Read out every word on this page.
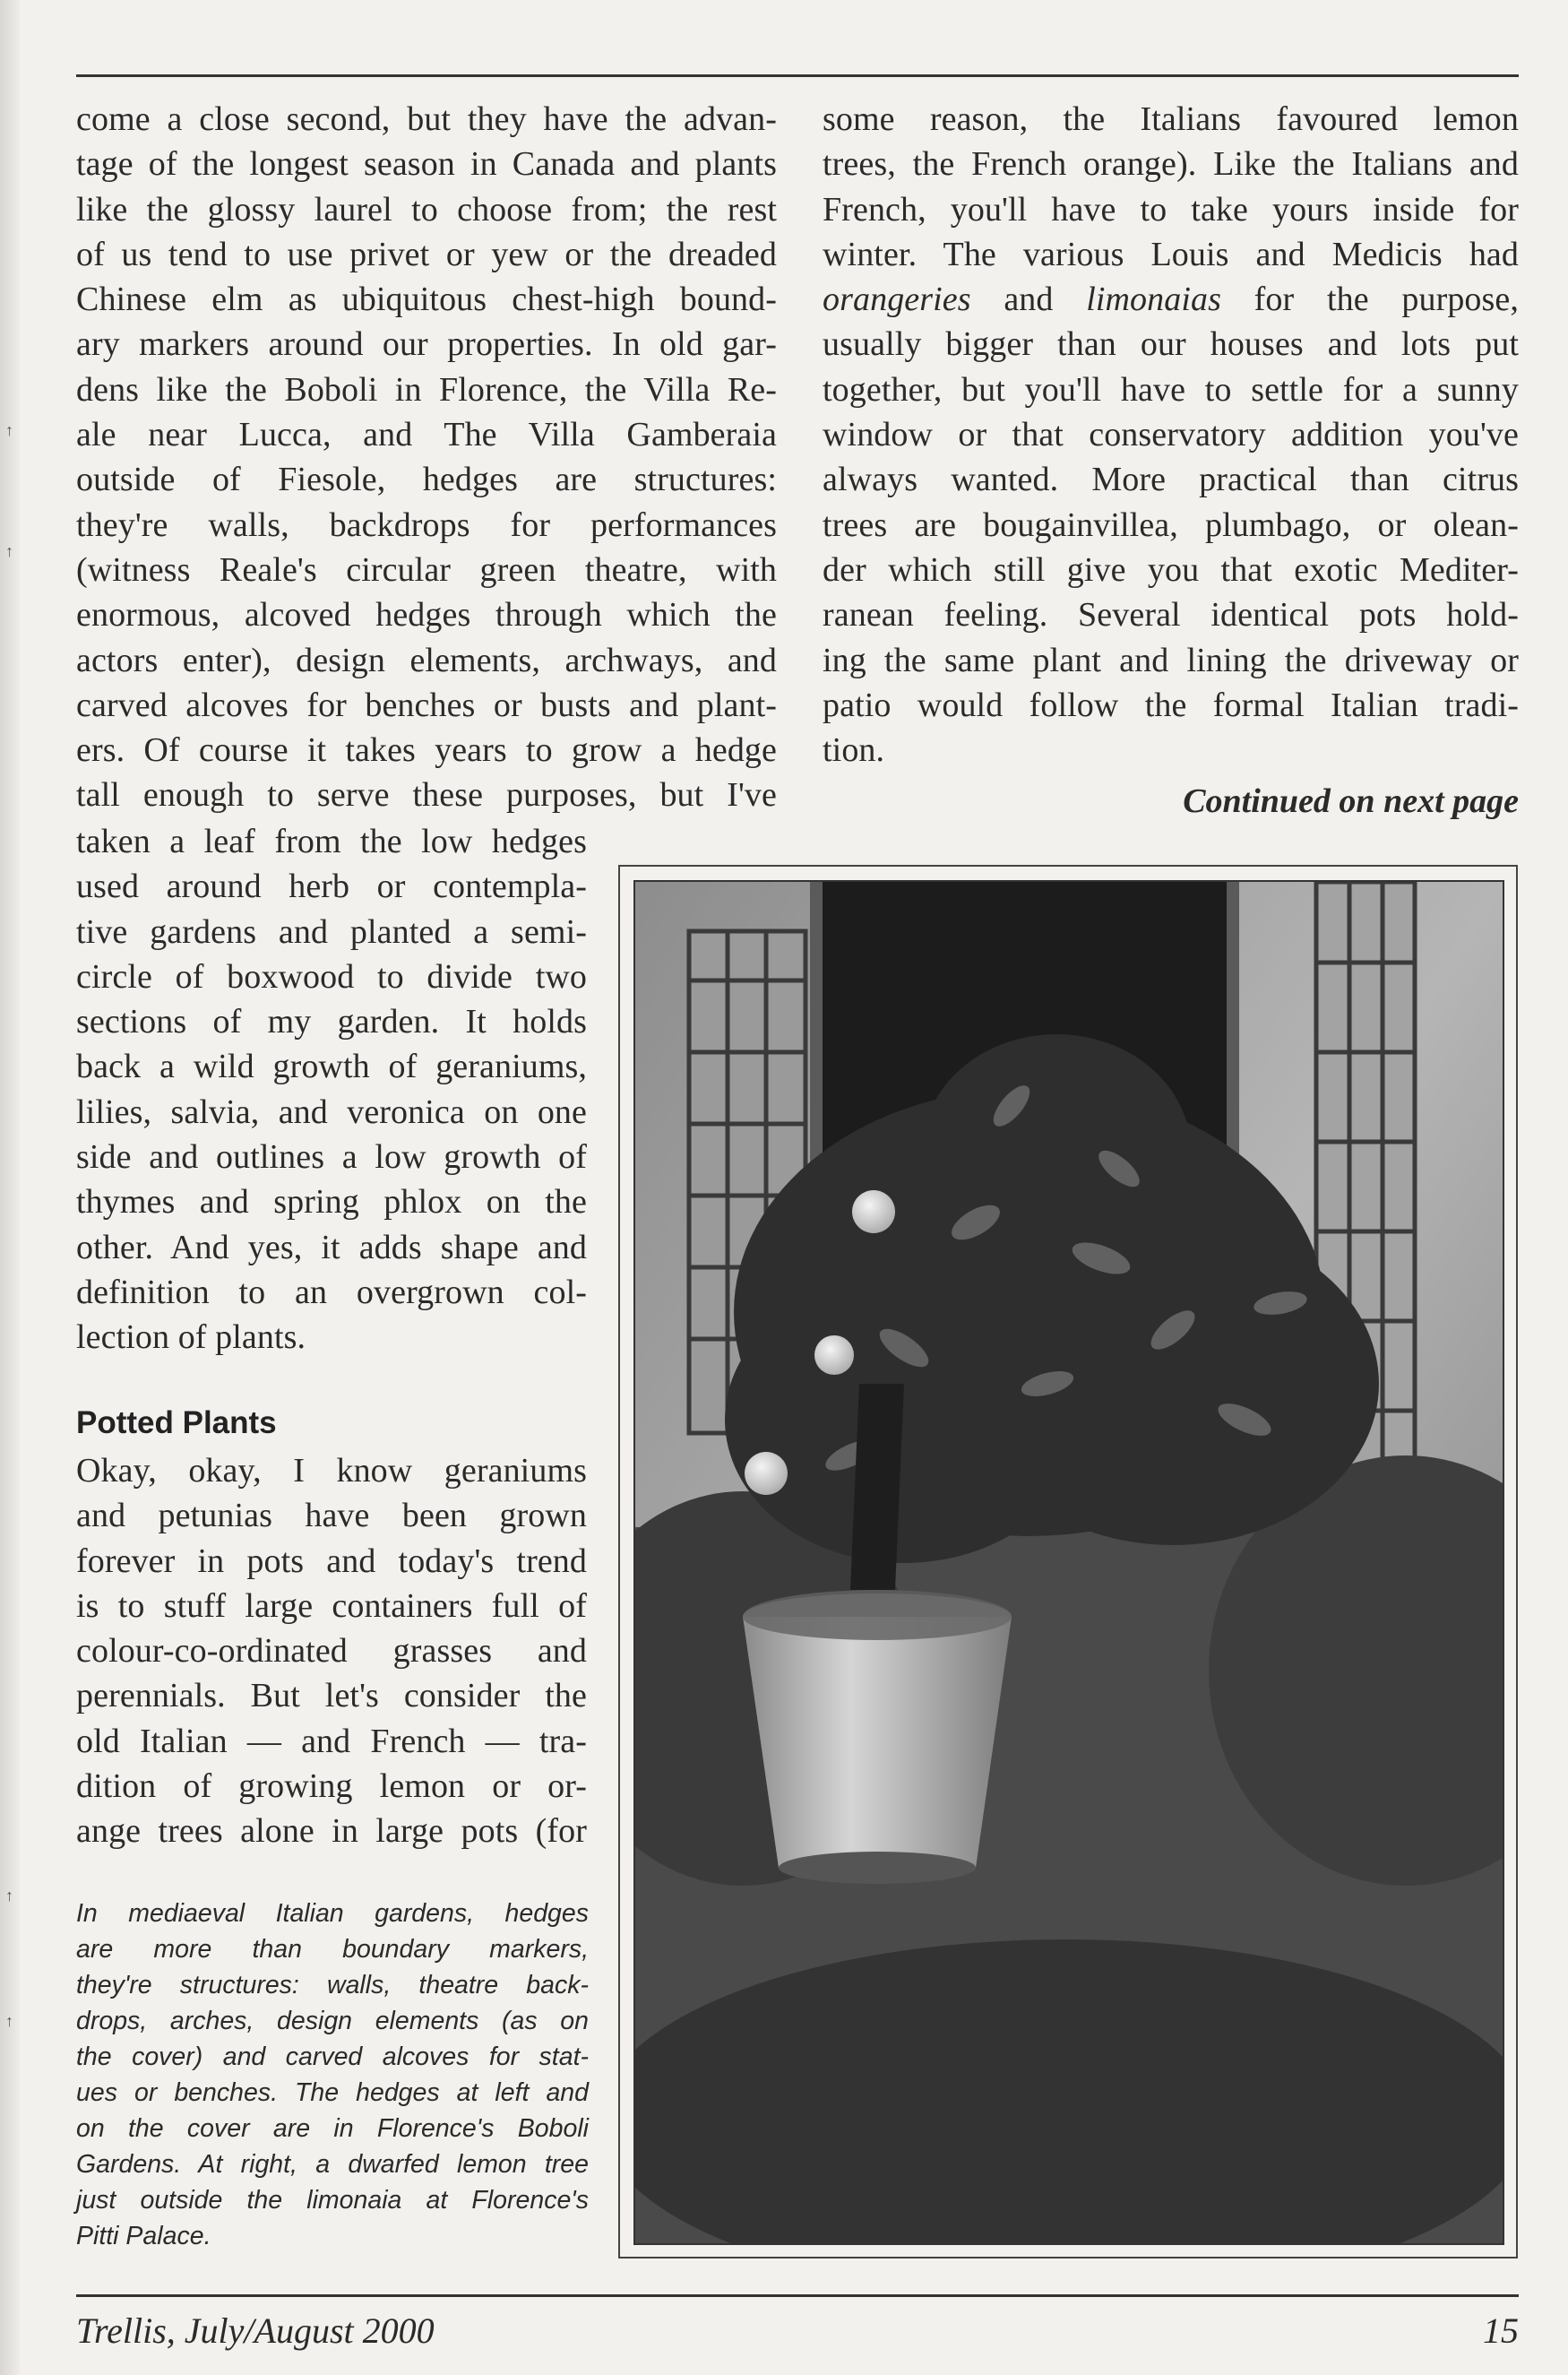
↑
↑
↑
↑
come a close second, but they have the advan-
tage of the longest season in Canada and plants
like the glossy laurel to choose from; the rest
of us tend to use privet or yew or the dreaded
Chinese elm as ubiquitous chest-high bound-
ary markers around our properties. In old gar-
dens like the Boboli in Florence, the Villa Re-
ale near Lucca, and The Villa Gamberaia
outside of Fiesole, hedges are structures:
they're walls, backdrops for performances
(witness Reale's circular green theatre, with
enormous, alcoved hedges through which the
actors enter), design elements, archways, and
carved alcoves for benches or busts and plant-
ers. Of course it takes years to grow a hedge
tall enough to serve these purposes, but I've
taken a leaf from the low hedges
used around herb or contempla-
tive gardens and planted a semi-
circle of boxwood to divide two
sections of my garden. It holds
back a wild growth of geraniums,
lilies, salvia, and veronica on one
side and outlines a low growth of
thymes and spring phlox on the
other. And yes, it adds shape and
definition to an overgrown col-
lection of plants.
Potted Plants
Okay, okay, I know geraniums
and petunias have been grown
forever in pots and today's trend
is to stuff large containers full of
colour-co-ordinated grasses and
perennials. But let's consider the
old Italian — and French — tra-
dition of growing lemon or or-
ange trees alone in large pots (for
In mediaeval Italian gardens, hedges
are more than boundary markers,
they're structures: walls, theatre back-
drops, arches, design elements (as on
the cover) and carved alcoves for stat-
ues or benches. The hedges at left and
on the cover are in Florence's Boboli
Gardens. At right, a dwarfed lemon tree
just outside the limonaia at Florence's
Pitti Palace.
some reason, the Italians favoured lemon
trees, the French orange). Like the Italians and
French, you'll have to take yours inside for
winter. The various Louis and Medicis had
orangeries and limonaias for the purpose,
usually bigger than our houses and lots put
together, but you'll have to settle for a sunny
window or that conservatory addition you've
always wanted. More practical than citrus
trees are bougainvillea, plumbago, or olean-
der which still give you that exotic Mediter-
ranean feeling. Several identical pots hold-
ing the same plant and lining the driveway or
patio would follow the formal Italian tradi-
tion.
Continued on next page
Trellis, July/August 2000	15
